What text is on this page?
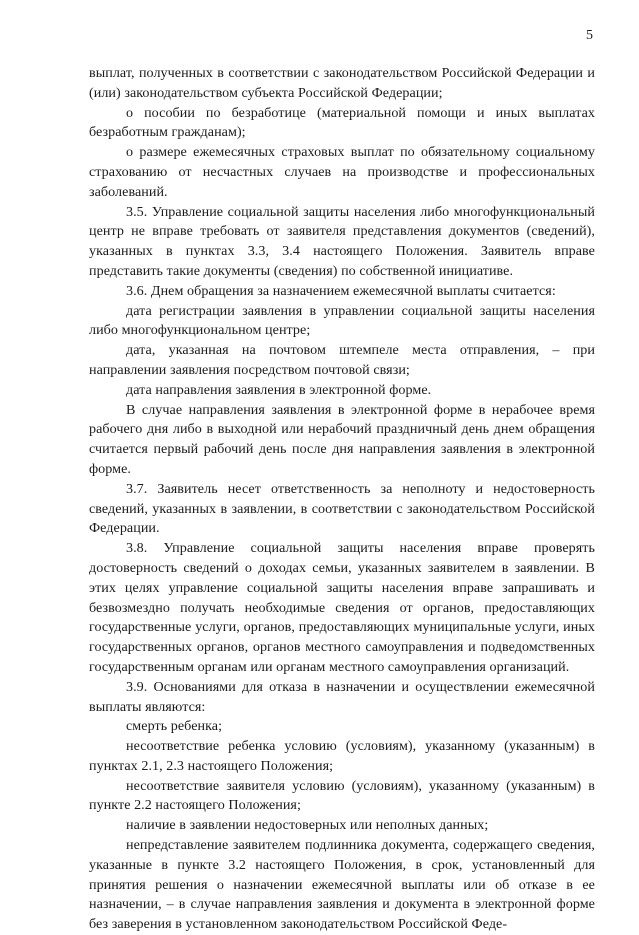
5

выплат, полученных в соответствии с законодательством Российской Федерации и (или) законодательством субъекта Российской Федерации;

о пособии по безработице (материальной помощи и иных выплатах безработным гражданам);

о размере ежемесячных страховых выплат по обязательному социальному страхованию от несчастных случаев на производстве и профессиональных заболеваний.

3.5. Управление социальной защиты населения либо многофункциональный центр не вправе требовать от заявителя представления документов (сведений), указанных в пунктах 3.3, 3.4 настоящего Положения. Заявитель вправе представить такие документы (сведения) по собственной инициативе.

3.6. Днем обращения за назначением ежемесячной выплаты считается:

дата регистрации заявления в управлении социальной защиты населения либо многофункциональном центре;

дата, указанная на почтовом штемпеле места отправления, – при направлении заявления посредством почтовой связи;

дата направления заявления в электронной форме.

В случае направления заявления в электронной форме в нерабочее время рабочего дня либо в выходной или нерабочий праздничный день днем обращения считается первый рабочий день после дня направления заявления в электронной форме.

3.7. Заявитель несет ответственность за неполноту и недостоверность сведений, указанных в заявлении, в соответствии с законодательством Российской Федерации.

3.8. Управление социальной защиты населения вправе проверять достоверность сведений о доходах семьи, указанных заявителем в заявлении. В этих целях управление социальной защиты населения вправе запрашивать и безвозмездно получать необходимые сведения от органов, предоставляющих государственные услуги, органов, предоставляющих муниципальные услуги, иных государственных органов, органов местного самоуправления и подведомственных государственным органам или органам местного самоуправления организаций.

3.9. Основаниями для отказа в назначении и осуществлении ежемесячной выплаты являются:

смерть ребенка;

несоответствие ребенка условию (условиям), указанному (указанным) в пунктах 2.1, 2.3 настоящего Положения;

несоответствие заявителя условию (условиям), указанному (указанным) в пункте 2.2 настоящего Положения;

наличие в заявлении недостоверных или неполных данных;

непредставление заявителем подлинника документа, содержащего сведения, указанные в пункте 3.2 настоящего Положения, в срок, установленный для принятия решения о назначении ежемесячной выплаты или об отказе в ее назначении, – в случае направления заявления и документа в электронной форме без заверения в установленном законодательством Российской Феде-
